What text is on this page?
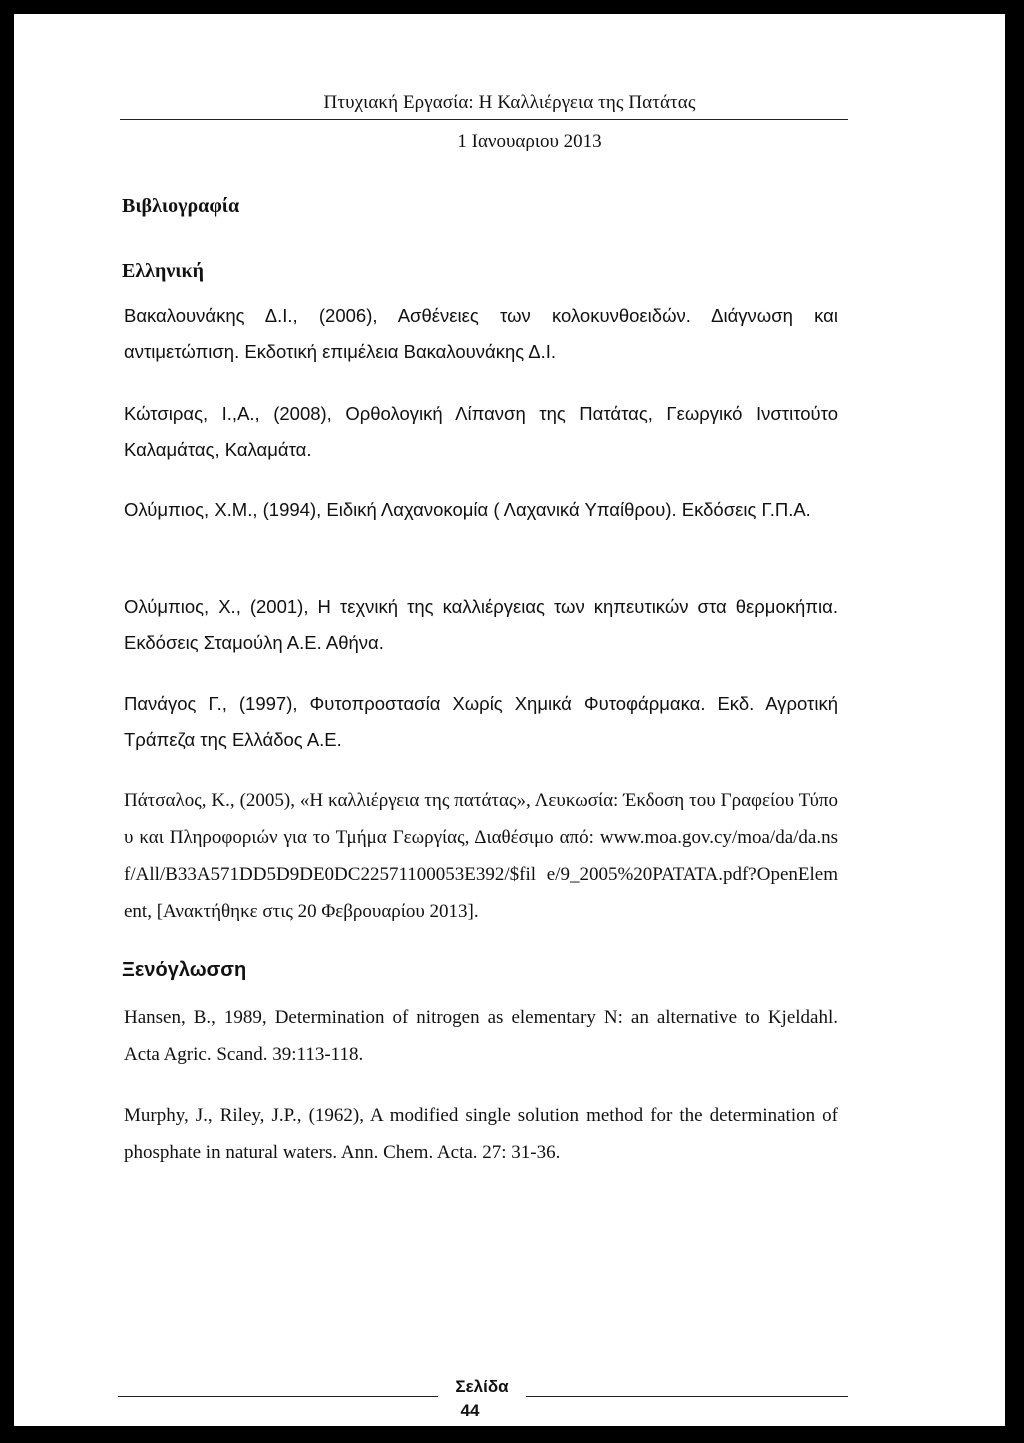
Πτυχιακή Εργασία: Η Καλλιέργεια της Πατάτας
1 Ιανουαριου 2013
Βιβλιογραφία
Ελληνική
Βακαλουνάκης Δ.Ι., (2006), Ασθένειες των κολοκυνθοειδών. Διάγνωση και αντιμετώπιση. Εκδοτική επιμέλεια Βακαλουνάκης Δ.Ι.
Κώτσιρας, Ι.,Α., (2008), Ορθολογική Λίπανση της Πατάτας, Γεωργικό Ινστιτούτο Καλαμάτας, Καλαμάτα.
Ολύμπιος, Χ.Μ., (1994), Ειδική Λαχανοκομία ( Λαχανικά Υπαίθρου). Εκδόσεις Γ.Π.Α.
Ολύμπιος, Χ., (2001), Η τεχνική της καλλιέργειας των κηπευτικών στα θερμοκήπια. Εκδόσεις Σταμούλη Α.Ε. Αθήνα.
Πανάγος Γ., (1997), Φυτοπροστασία Χωρίς Χημικά Φυτοφάρμακα. Εκδ. Αγροτική Τράπεζα της Ελλάδος Α.Ε.
Πάτσαλος, Κ., (2005), «Η καλλιέργεια της πατάτας», Λευκωσία: Έκδοση του Γραφείου Τύπου και Πληροφοριών για το Τμήμα Γεωργίας, Διαθέσιμο από: www.moa.gov.cy/moa/da/da.nsf/All/B33A571DD5D9DE0DC22571100053E392/$fil e/9_2005%20PATATA.pdf?OpenElement, [Ανακτήθηκε στις 20 Φεβρουαρίου 2013].
Ξενόγλωσση
Hansen, B., 1989, Determination of nitrogen as elementary N: an alternative to Kjeldahl. Acta Agric. Scand. 39:113-118.
Murphy, J., Riley, J.P., (1962), A modified single solution method for the determination of phosphate in natural waters. Ann. Chem. Acta. 27: 31-36.
Σελίδα
44
